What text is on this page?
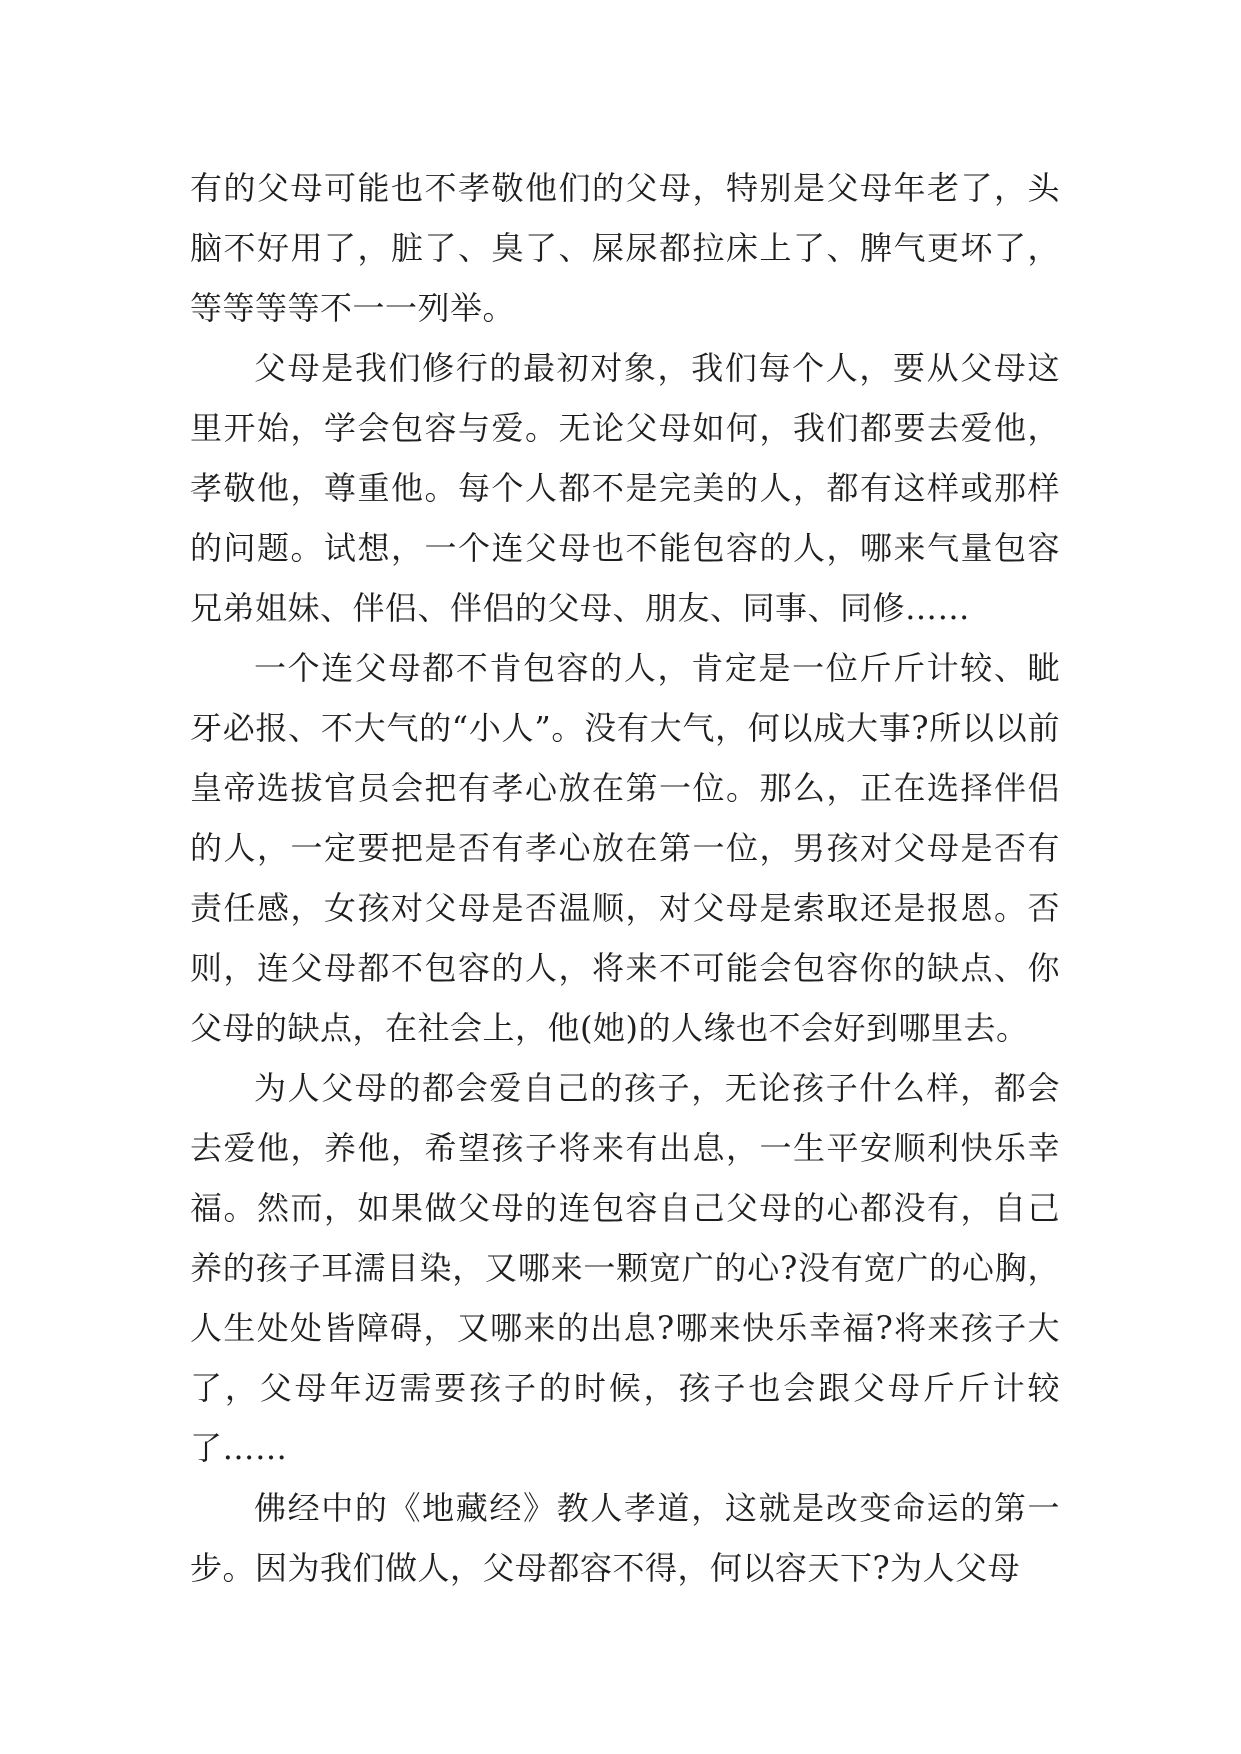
有的父母可能也不孝敬他们的父母，特别是父母年老了，头脑不好用了，脏了、臭了、屎尿都拉床上了、脾气更坏了，等等等等不一一列举。

父母是我们修行的最初对象，我们每个人，要从父母这里开始，学会包容与爱。无论父母如何，我们都要去爱他，孝敬他，尊重他。每个人都不是完美的人，都有这样或那样的问题。试想，一个连父母也不能包容的人，哪来气量包容兄弟姐妹、伴侣、伴侣的父母、朋友、同事、同修……

一个连父母都不肯包容的人，肯定是一位斤斤计较、眦牙必报、不大气的“小人”。没有大气，何以成大事?所以以前皇帝选拔官员会把有孝心放在第一位。那么，正在选择伴侣的人，一定要把是否有孝心放在第一位，男孩对父母是否有责任感，女孩对父母是否温顺，对父母是索取还是报恩。否则，连父母都不包容的人，将来不可能会包容你的缺点、你父母的缺点，在社会上，他(她)的人缘也不会好到哪里去。

为人父母的都会爱自己的孩子，无论孩子什么样，都会去爱他，养他，希望孩子将来有出息，一生平安顺利快乐幸福。然而，如果做父母的连包容自己父母的心都没有，自己养的孩子耳濡目染，又哪来一颗宽广的心?没有宽广的心胸，人生处处皆障碍，又哪来的出息?哪来快乐幸福?将来孩子大了，父母年迈需要孩子的时候，孩子也会跟父母斤斤计较了……

佛经中的《地藏经》教人孝道，这就是改变命运的第一步。因为我们做人，父母都容不得，何以容天下?为人父母
